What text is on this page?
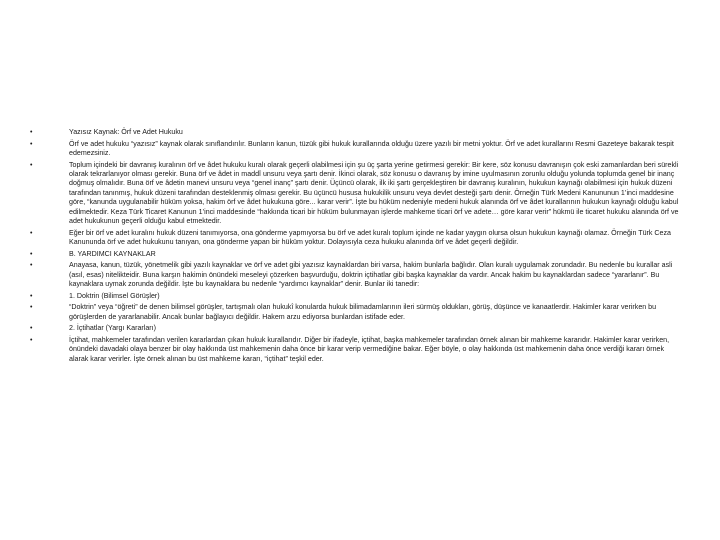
•	Yazısız Kaynak: Örf ve Adet Hukuku
•	Örf ve adet hukuku “yazısız” kaynak olarak sınıflandırılır. Bunların kanun, tüzük gibi hukuk kurallarında olduğu üzere yazılı bir metni yoktur. Örf ve adet kurallarını Resmi Gazeteye bakarak tespit edemezsiniz.
•	Toplum içindeki bir davranış kuralının örf ve âdet hukuku kuralı olarak geçerli olabilmesi için şu üç şarta yerine getirmesi gerekir: Bir kere, söz konusu davranışın çok eski zamanlardan beri sürekli olarak tekrarlanıyor olması gerekir. Buna örf ve âdet in maddî unsuru veya şartı denir. İkinci olarak, söz konusu o davranış by imine uyulmasının zorunlu olduğu yolunda toplumda genel bir inanç doğmuş olmalıdır. Buna örf ve âdetin manevi unsuru veya “genel inanç” şartı denir. Üçüncü olarak, ilk iki şartı gerçekleştiren bir davranış kuralının, hukukun kaynağı olabilmesi için hukuk düzeni tarafından tanınmış, hukuk düzeni tarafından desteklenmiş olması gerekir. Bu üçüncü hususa hukukilik unsuru veya devlet desteği şartı denir. Örneğin Türk Medeni Kanununun 1’inci maddesine göre, “kanunda uygulanabilir hüküm yoksa, hakim örf ve âdet hukukuna göre... karar verir”. İşte bu hüküm nedeniyle medeni hukuk alanında örf ve âdet kurallarının hukukun kaynağı olduğu kabul edilmektedir. Keza Türk Ticaret Kanunun 1’inci maddesinde “hakkında ticari bir hüküm bulunmayan işlerde mahkeme ticari örf ve adete… göre karar verir” hükmü ile ticaret hukuku alanında örf ve adet hukukunun geçerli olduğu kabul etmektedir.
•	Eğer bir örf ve adet kuralını hukuk düzeni tanımıyorsa, ona gönderme yapmıyorsa bu örf ve adet kuralı toplum içinde ne kadar yaygın olursa olsun hukukun kaynağı olamaz. Örneğin Türk Ceza Kanununda örf ve adet hukukunu tanıyan, ona gönderme yapan bir hüküm yoktur. Dolayısıyla ceza hukuku alanında örf ve âdet geçerli değildir.
•	B. YARDIMCI KAYNAKLAR
•	Anayasa, kanun, tüzük, yönetmelik gibi yazılı kaynaklar ve örf ve adet gibi yazısız kaynaklardan biri varsa, hakim bunlarla bağlıdır. Olan kuralı uygulamak zorundadır. Bu nedenle bu kurallar asli (asıl, esas) nitelikteidir. Buna karşın hakimin önündeki meseleyi çözerken başvurduğu, doktrin içtihatlar gibi başka kaynaklar da vardır. Ancak hakim bu kaynaklardan sadece “yararlanır”. Bu kaynaklara uymak zorunda değildir. İşte bu kaynaklara bu nedenle “yardımcı kaynaklar” denir. Bunlar iki tanedir:
•	1. Doktrin (Bilimsel Görüşler)
•	“Doktrin” veya “öğreti” de denen bilimsel görüşler, tartışmalı olan hukukî konularda hukuk bilimadamlarının ileri sürmüş oldukları, görüş, düşünce ve kanaatlerdir. Hakimler karar verirken bu görüşlerden de yararlanabilir. Ancak bunlar bağlayıcı değildir. Hakem arzu ediyorsa bunlardan istifade eder.
•	2. İçtihatlar (Yargı Kararları)
•	İçtihat, mahkemeler tarafından verilen kararlardan çıkan hukuk kurallarıdır. Diğer bir ifadeyle, içtihat, başka mahkemeler tarafından örnek alınan bir mahkeme kararıdır. Hakimler karar verirken, önündeki davadaki olaya benzer bir olay hakkında üst mahkemenin daha önce bir karar verip vermediğine bakar. Eğer böyle, o olay hakkında üst mahkemenin daha önce verdiği kararı örnek alarak karar verirler. İşte örnek alınan bu üst mahkeme kararı, “içtihat” teşkil eder.
